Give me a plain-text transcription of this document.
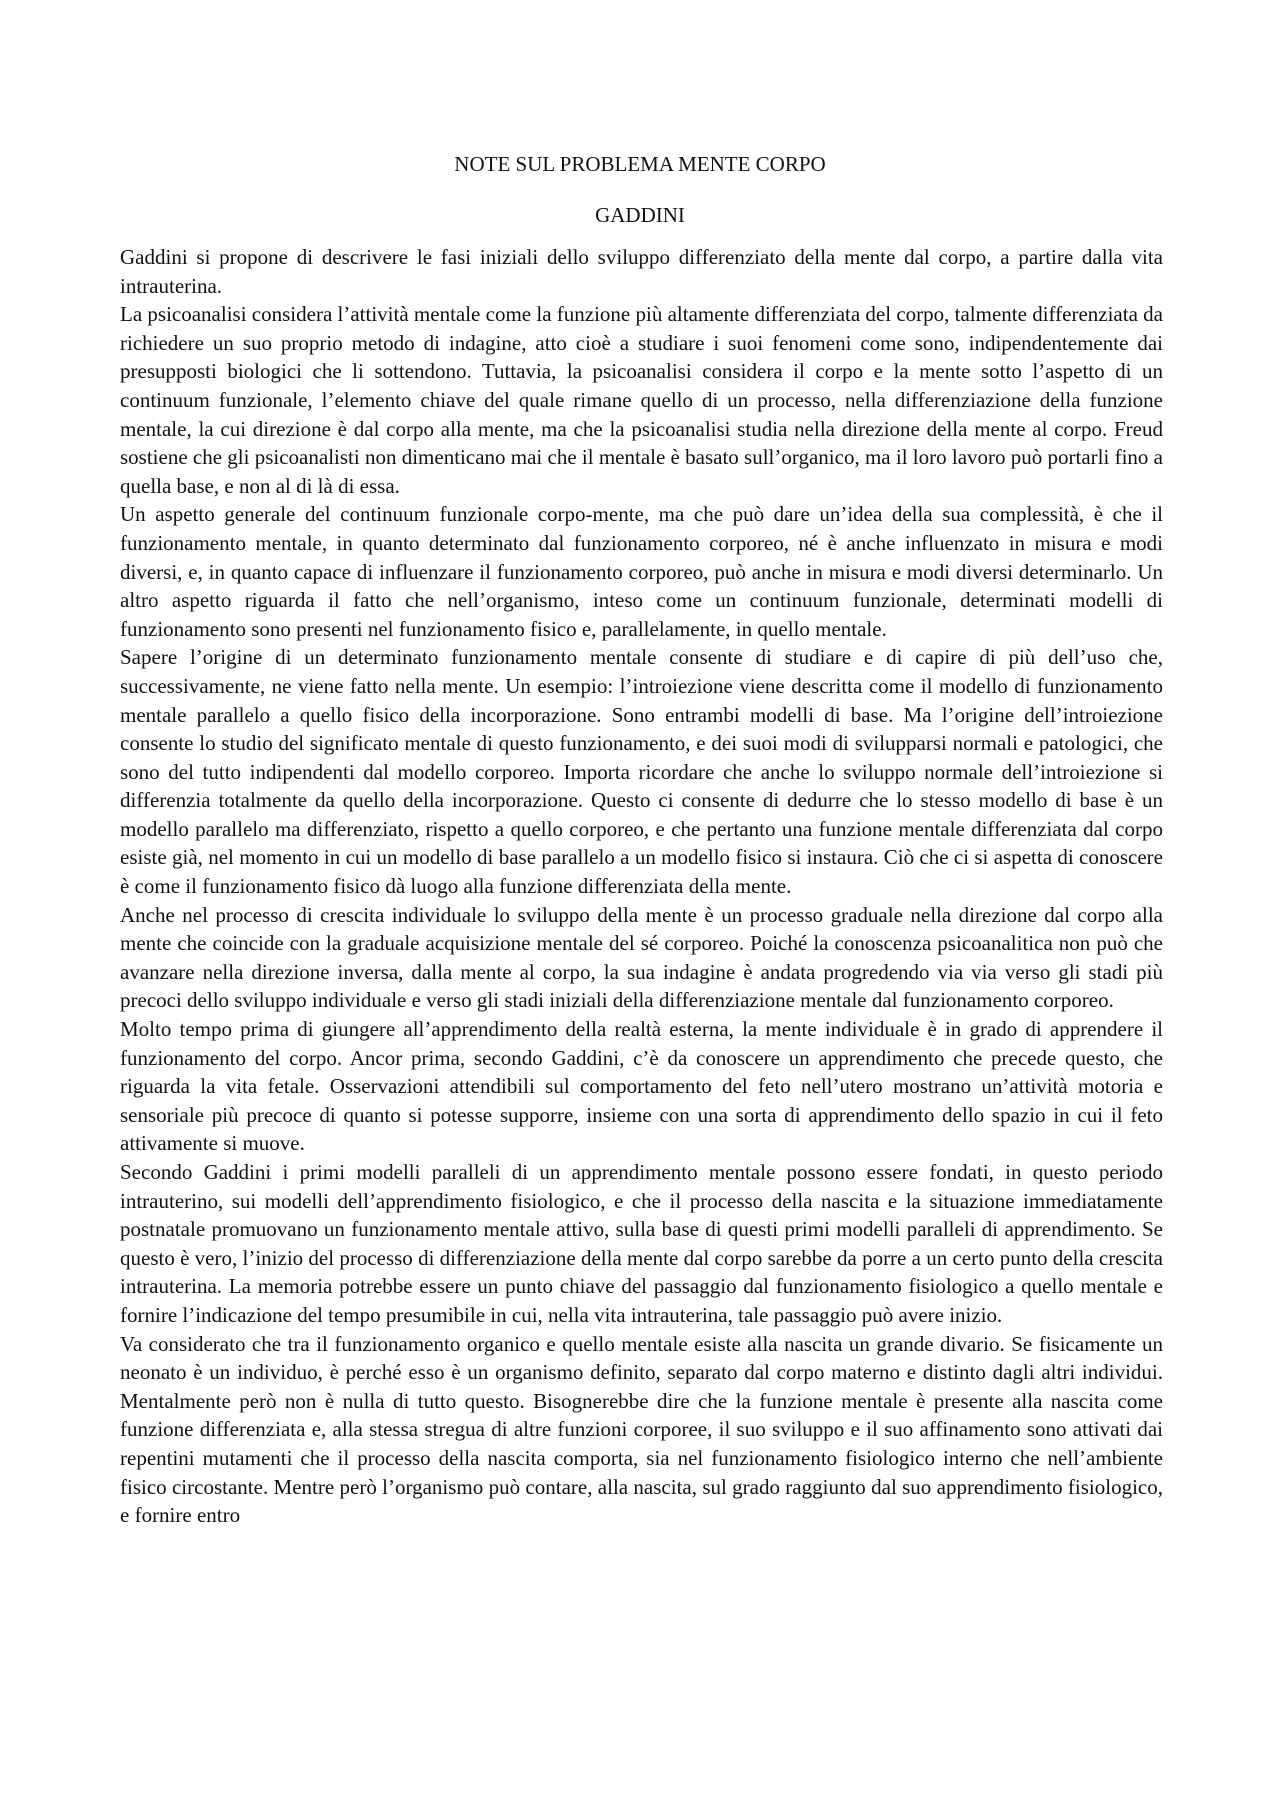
NOTE SUL PROBLEMA MENTE CORPO
GADDINI

Gaddini si propone di descrivere le fasi iniziali dello sviluppo differenziato della mente dal corpo, a partire dalla vita intrauterina.

La psicoanalisi considera l’attività mentale come la funzione più altamente differenziata del corpo, talmente differenziata da richiedere un suo proprio metodo di indagine, atto cioè a studiare i suoi fenomeni come sono, indipendentemente dai presupposti biologici che li sottendono. Tuttavia, la psicoanalisi considera il corpo e la mente sotto l’aspetto di un continuum funzionale, l’elemento chiave del quale rimane quello di un processo, nella differenziazione della funzione mentale, la cui direzione è dal corpo alla mente, ma che la psicoanalisi studia nella direzione della mente al corpo. Freud sostiene che gli psicoanalisti non dimenticano mai che il mentale è basato sull’organico, ma il loro lavoro può portarli fino a quella base, e non al di là di essa.

Un aspetto generale del continuum funzionale corpo-mente, ma che può dare un’idea della sua complessità, è che il funzionamento mentale, in quanto determinato dal funzionamento corporeo, né è anche influenzato in misura e modi diversi, e, in quanto capace di influenzare il funzionamento corporeo, può anche in misura e modi diversi determinarlo. Un altro aspetto riguarda il fatto che nell’organismo, inteso come un continuum funzionale, determinati modelli di funzionamento sono presenti nel funzionamento fisico e, parallelamente, in quello mentale.

Sapere l’origine di un determinato funzionamento mentale consente di studiare e di capire di più dell’uso che, successivamente, ne viene fatto nella mente. Un esempio: l’introiezione viene descritta come il modello di funzionamento mentale parallelo a quello fisico della incorporazione. Sono entrambi modelli di base. Ma l’origine dell’introiezione consente lo studio del significato mentale di questo funzionamento, e dei suoi modi di svilupparsi normali e patologici, che sono del tutto indipendenti dal modello corporeo. Importa ricordare che anche lo sviluppo normale dell’introiezione si differenzia totalmente da quello della incorporazione. Questo ci consente di dedurre che lo stesso modello di base è un modello parallelo ma differenziato, rispetto a quello corporeo, e che pertanto una funzione mentale differenziata dal corpo esiste già, nel momento in cui un modello di base parallelo a un modello fisico si instaura. Ciò che ci si aspetta di conoscere è come il funzionamento fisico dà luogo alla funzione differenziata della mente.

Anche nel processo di crescita individuale lo sviluppo della mente è un processo graduale nella direzione dal corpo alla mente che coincide con la graduale acquisizione mentale del sé corporeo. Poiché la conoscenza psicoanalitica non può che avanzare nella direzione inversa, dalla mente al corpo, la sua indagine è andata progredendo via via verso gli stadi più precoci dello sviluppo individuale e verso gli stadi iniziali della differenziazione mentale dal funzionamento corporeo.

Molto tempo prima di giungere all’apprendimento della realtà esterna, la mente individuale è in grado di apprendere il funzionamento del corpo. Ancor prima, secondo Gaddini, c’è da conoscere un apprendimento che precede questo, che riguarda la vita fetale. Osservazioni attendibili sul comportamento del feto nell’utero mostrano un’attività motoria e sensoriale più precoce di quanto si potesse supporre, insieme con una sorta di apprendimento dello spazio in cui il feto attivamente si muove.

Secondo Gaddini i primi modelli paralleli di un apprendimento mentale possono essere fondati, in questo periodo intrauterino, sui modelli dell’apprendimento fisiologico, e che il processo della nascita e la situazione immediatamente postnatale promuovano un funzionamento mentale attivo, sulla base di questi primi modelli paralleli di apprendimento. Se questo è vero, l’inizio del processo di differenziazione della mente dal corpo sarebbe da porre a un certo punto della crescita intrauterina. La memoria potrebbe essere un punto chiave del passaggio dal funzionamento fisiologico a quello mentale e fornire l’indicazione del tempo presumibile in cui, nella vita intrauterina, tale passaggio può avere inizio.

Va considerato che tra il funzionamento organico e quello mentale esiste alla nascita un grande divario. Se fisicamente un neonato è un individuo, è perché esso è un organismo definito, separato dal corpo materno e distinto dagli altri individui. Mentalmente però non è nulla di tutto questo. Bisognerebbe dire che la funzione mentale è presente alla nascita come funzione differenziata e, alla stessa stregua di altre funzioni corporee, il suo sviluppo e il suo affinamento sono attivati dai repentini mutamenti che il processo della nascita comporta, sia nel funzionamento fisiologico interno che nell’ambiente fisico circostante. Mentre però l’organismo può contare, alla nascita, sul grado raggiunto dal suo apprendimento fisiologico, e fornire entro
